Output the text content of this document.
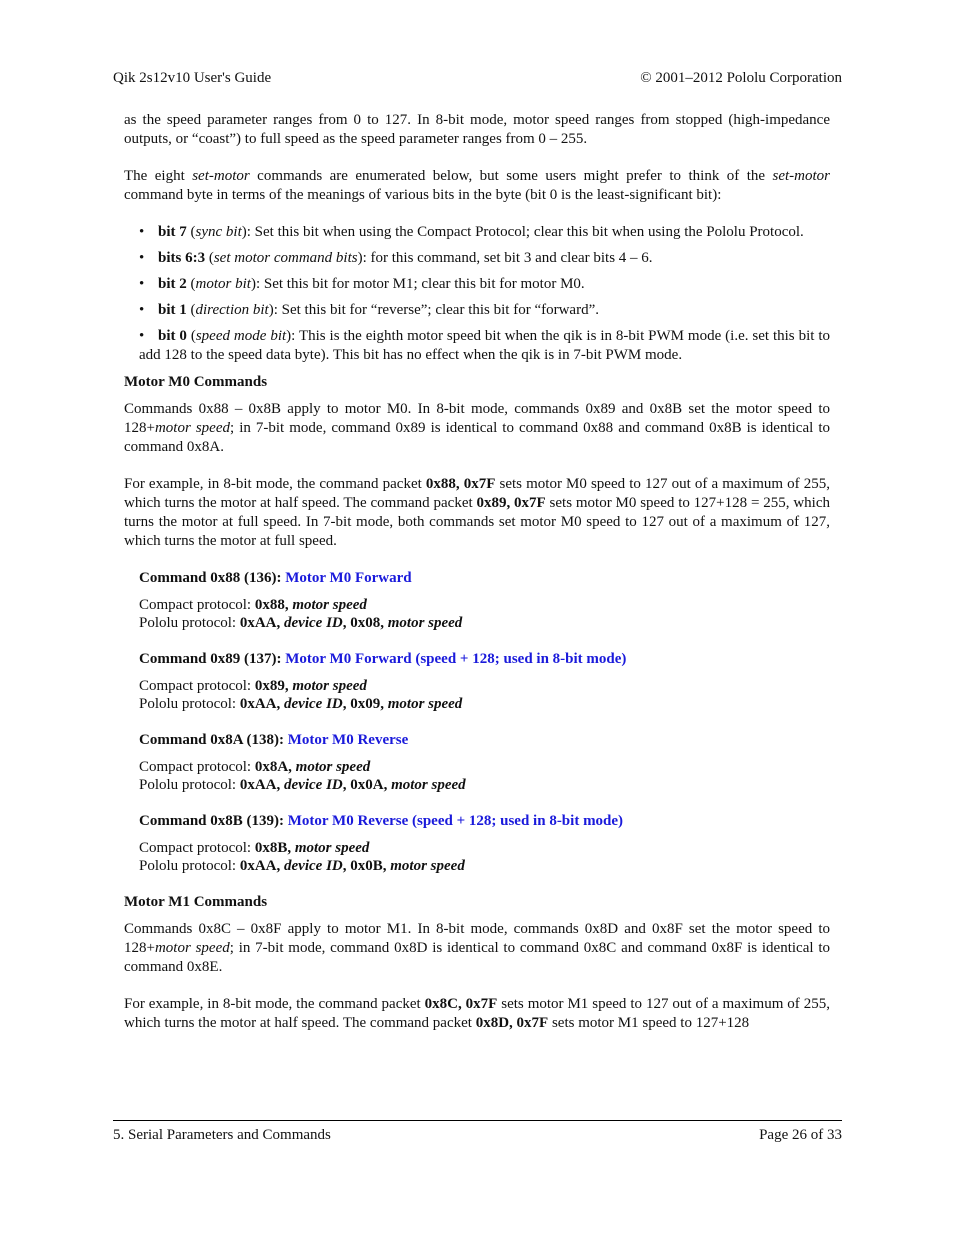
Qik 2s12v10 User's Guide	© 2001–2012 Pololu Corporation

as the speed parameter ranges from 0 to 127. In 8-bit mode, motor speed ranges from stopped (high-impedance outputs, or “coast”) to full speed as the speed parameter ranges from 0 – 255.

The eight set-motor commands are enumerated below, but some users might prefer to think of the set-motor command byte in terms of the meanings of various bits in the byte (bit 0 is the least-significant bit):

• bit 7 (sync bit): Set this bit when using the Compact Protocol; clear this bit when using the Pololu Protocol.
• bits 6:3 (set motor command bits): for this command, set bit 3 and clear bits 4 – 6.
• bit 2 (motor bit): Set this bit for motor M1; clear this bit for motor M0.
• bit 1 (direction bit): Set this bit for “reverse”; clear this bit for “forward”.
• bit 0 (speed mode bit): This is the eighth motor speed bit when the qik is in 8-bit PWM mode (i.e. set this bit to add 128 to the speed data byte). This bit has no effect when the qik is in 7-bit PWM mode.
Motor M0 Commands

Commands 0x88 – 0x8B apply to motor M0. In 8-bit mode, commands 0x89 and 0x8B set the motor speed to 128+motor speed; in 7-bit mode, command 0x89 is identical to command 0x88 and command 0x8B is identical to command 0x8A.

For example, in 8-bit mode, the command packet 0x88, 0x7F sets motor M0 speed to 127 out of a maximum of 255, which turns the motor at half speed. The command packet 0x89, 0x7F sets motor M0 speed to 127+128 = 255, which turns the motor at full speed. In 7-bit mode, both commands set motor M0 speed to 127 out of a maximum of 127, which turns the motor at full speed.

Command 0x88 (136): Motor M0 Forward
Compact protocol: 0x88, motor speed
Pololu protocol: 0xAA, device ID, 0x08, motor speed
Command 0x89 (137): Motor M0 Forward (speed + 128; used in 8-bit mode)
Compact protocol: 0x89, motor speed
Pololu protocol: 0xAA, device ID, 0x09, motor speed
Command 0x8A (138): Motor M0 Reverse
Compact protocol: 0x8A, motor speed
Pololu protocol: 0xAA, device ID, 0x0A, motor speed
Command 0x8B (139): Motor M0 Reverse (speed + 128; used in 8-bit mode)
Compact protocol: 0x8B, motor speed
Pololu protocol: 0xAA, device ID, 0x0B, motor speed
Motor M1 Commands

Commands 0x8C – 0x8F apply to motor M1. In 8-bit mode, commands 0x8D and 0x8F set the motor speed to 128+motor speed; in 7-bit mode, command 0x8D is identical to command 0x8C and command 0x8F is identical to command 0x8E.

For example, in 8-bit mode, the command packet 0x8C, 0x7F sets motor M1 speed to 127 out of a maximum of 255, which turns the motor at half speed. The command packet 0x8D, 0x7F sets motor M1 speed to 127+128

5. Serial Parameters and Commands	Page 26 of 33
